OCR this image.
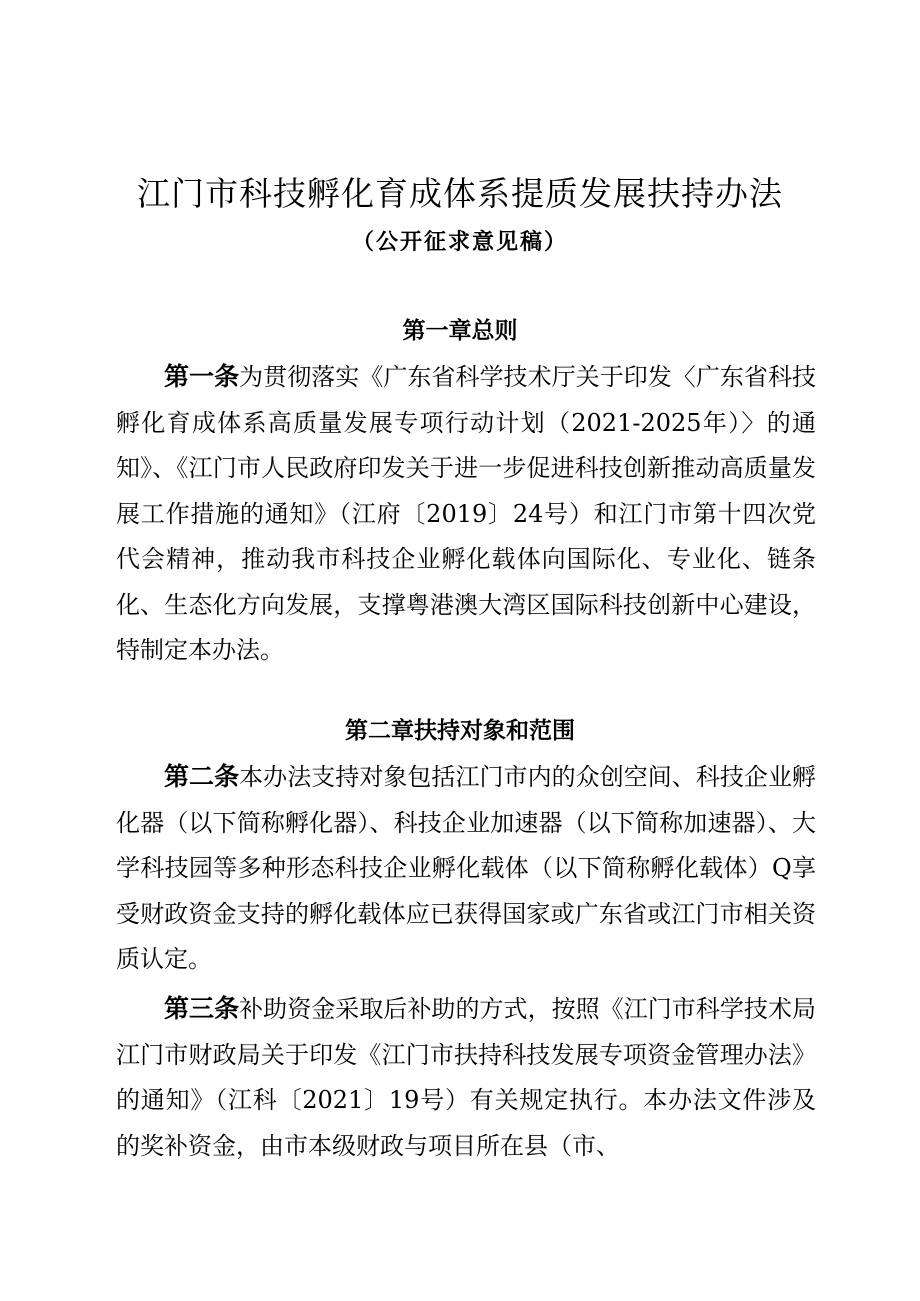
江门市科技孵化育成体系提质发展扶持办法
（公开征求意见稿）
第一章总则
第一条为贯彻落实《广东省科学技术厅关于印发〈广东省科技孵化育成体系高质量发展专项行动计划（2021-2025年）〉的通知》、《江门市人民政府印发关于进一步促进科技创新推动高质量发展工作措施的通知》（江府〔2019〕24号）和江门市第十四次党代会精神，推动我市科技企业孵化载体向国际化、专业化、链条化、生态化方向发展，支撑粤港澳大湾区国际科技创新中心建设，特制定本办法。
第二章扶持对象和范围
第二条本办法支持对象包括江门市内的众创空间、科技企业孵化器（以下简称孵化器）、科技企业加速器（以下简称加速器）、大学科技园等多种形态科技企业孵化载体（以下简称孵化载体）Q享受财政资金支持的孵化载体应已获得国家或广东省或江门市相关资质认定。
第三条补助资金采取后补助的方式，按照《江门市科学技术局江门市财政局关于印发《江门市扶持科技发展专项资金管理办法》的通知》（江科〔2021〕19号）有关规定执行。本办法文件涉及的奖补资金，由市本级财政与项目所在县（市、
